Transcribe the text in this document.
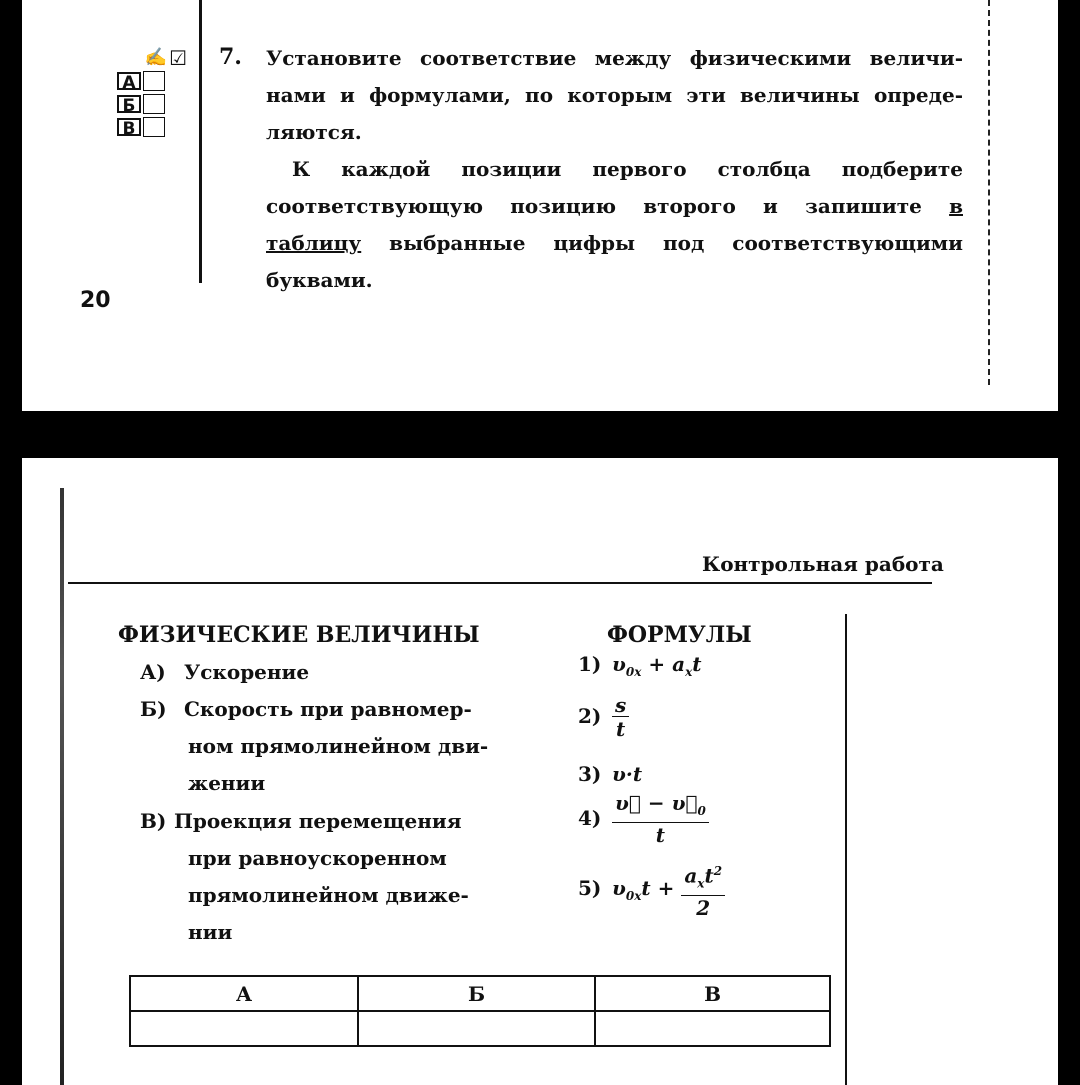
✍ ☑
А
Б
В
7. Установите соответствие между физическими величи-нами и формулами, по которым эти величины опреде-ляются.

К каждой позиции первого столбца подберите соответствующую позицию второго и запишите в таблицу выбранные цифры под соответствующими буквами.

20
Контрольная работа
ФИЗИЧЕСКИЕ ВЕЛИЧИНЫ	ФОРМУЛЫ
А) Ускорение
Б) Скорость при равномер-
ном прямолинейном дви-
жении
В) Проекция перемещения
при равноускоренном
прямолинейном движе-
нии
1) $\upsilon_{0x} + a_xt$
$2) \frac{s}{t}$
3) υ·t
$4) \frac{\upsilon⃗ - \upsilon⃗_0}{t}$
5) $\upsilon_{0x}t + \frac{a_xt^2}{2}$
А	Б	В
